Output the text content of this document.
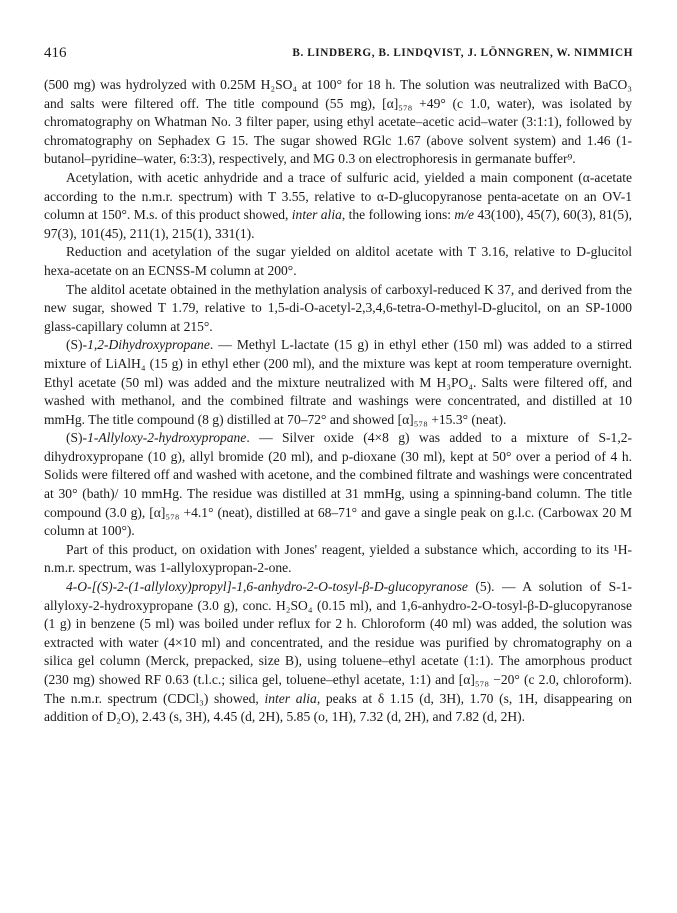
416	B. LINDBERG, B. LINDQVIST, J. LÖNNGREN, W. NIMMICH

(500 mg) was hydrolyzed with 0.25M H₂SO₄ at 100° for 18 h. The solution was neutralized with BaCO₃ and salts were filtered off. The title compound (55 mg), [α]₅₇₈ +49° (c 1.0, water), was isolated by chromatography on Whatman No. 3 filter paper, using ethyl acetate–acetic acid–water (3:1:1), followed by chromatography on Sephadex G 15. The sugar showed RGlc 1.67 (above solvent system) and 1.46 (1-butanol–pyridine–water, 6:3:3), respectively, and MG 0.3 on electrophoresis in germanate buffer⁹.

Acetylation, with acetic anhydride and a trace of sulfuric acid, yielded a main component (α-acetate according to the n.m.r. spectrum) with T 3.55, relative to α-D-glucopyranose penta-acetate on an OV-1 column at 150°. M.s. of this product showed, inter alia, the following ions: m/e 43(100), 45(7), 60(3), 81(5), 97(3), 101(45), 211(1), 215(1), 331(1).

Reduction and acetylation of the sugar yielded on alditol acetate with T 3.16, relative to D-glucitol hexa-acetate on an ECNSS-M column at 200°.

The alditol acetate obtained in the methylation analysis of carboxyl-reduced K 37, and derived from the new sugar, showed T 1.79, relative to 1,5-di-O-acetyl-2,3,4,6-tetra-O-methyl-D-glucitol, on an SP-1000 glass-capillary column at 215°.

(S)-1,2-Dihydroxypropane. — Methyl L-lactate (15 g) in ethyl ether (150 ml) was added to a stirred mixture of LiAlH₄ (15 g) in ethyl ether (200 ml), and the mixture was kept at room temperature overnight. Ethyl acetate (50 ml) was added and the mixture neutralized with M H₃PO₄. Salts were filtered off, and washed with methanol, and the combined filtrate and washings were concentrated, and distilled at 10 mmHg. The title compound (8 g) distilled at 70–72° and showed [α]₅₇₈ +15.3° (neat).

(S)-1-Allyloxy-2-hydroxypropane. — Silver oxide (4×8 g) was added to a mixture of S-1,2-dihydroxypropane (10 g), allyl bromide (20 ml), and p-dioxane (30 ml), kept at 50° over a period of 4 h. Solids were filtered off and washed with acetone, and the combined filtrate and washings were concentrated at 30° (bath)/ 10 mmHg. The residue was distilled at 31 mmHg, using a spinning-band column. The title compound (3.0 g), [α]₅₇₈ +4.1° (neat), distilled at 68–71° and gave a single peak on g.l.c. (Carbowax 20 M column at 100°).

Part of this product, on oxidation with Jones' reagent, yielded a substance which, according to its ¹H-n.m.r. spectrum, was 1-allyloxypropan-2-one.

4-O-[(S)-2-(1-allyloxy)propyl]-1,6-anhydro-2-O-tosyl-β-D-glucopyranose (5). — A solution of S-1-allyloxy-2-hydroxypropane (3.0 g), conc. H₂SO₄ (0.15 ml), and 1,6-anhydro-2-O-tosyl-β-D-glucopyranose (1 g) in benzene (5 ml) was boiled under reflux for 2 h. Chloroform (40 ml) was added, the solution was extracted with water (4×10 ml) and concentrated, and the residue was purified by chromatography on a silica gel column (Merck, prepacked, size B), using toluene–ethyl acetate (1:1). The amorphous product (230 mg) showed RF 0.63 (t.l.c.; silica gel, toluene–ethyl acetate, 1:1) and [α]₅₇₈ −20° (c 2.0, chloroform). The n.m.r. spectrum (CDCl₃) showed, inter alia, peaks at δ 1.15 (d, 3H), 1.70 (s, 1H, disappearing on addition of D₂O), 2.43 (s, 3H), 4.45 (d, 2H), 5.85 (o, 1H), 7.32 (d, 2H), and 7.82 (d, 2H).
